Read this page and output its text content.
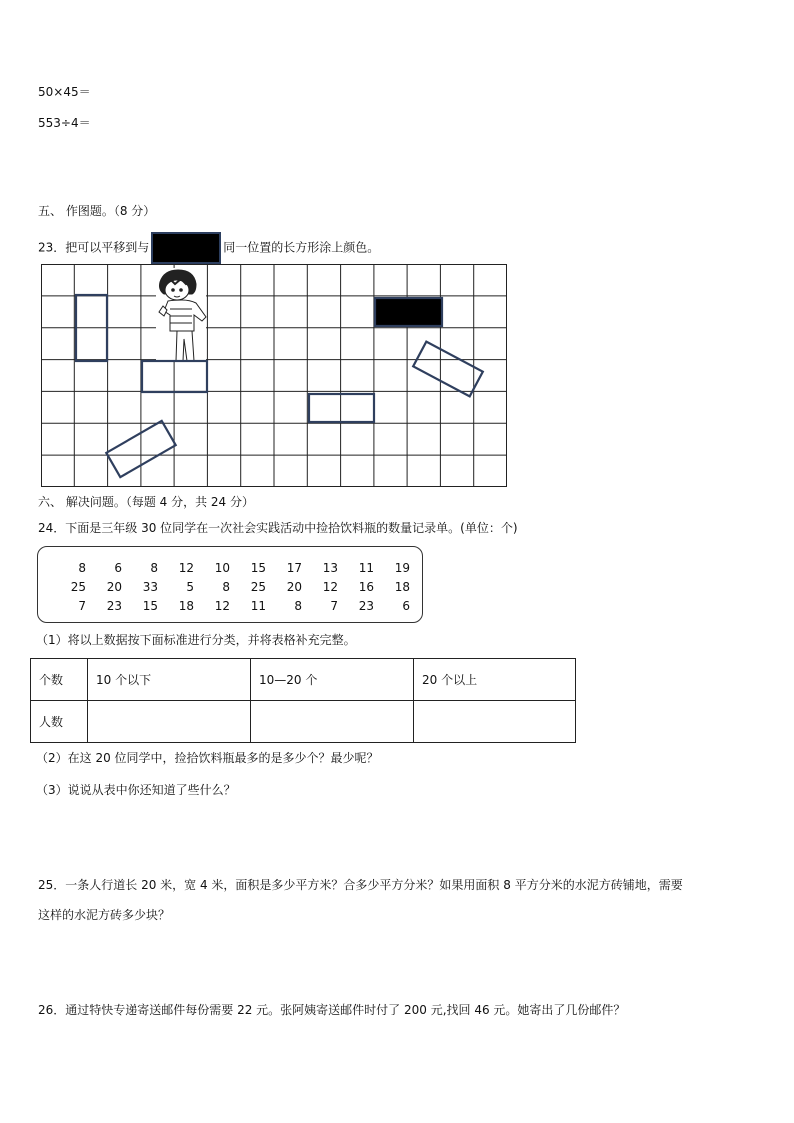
50×45＝
553÷4＝
五、 作图题。（8 分）
23．把可以平移到与	同一位置的长方形涂上颜色。
六、 解决问题。（每题 4 分，共 24 分）
24．下面是三年级 30 位同学在一次社会实践活动中捡拾饮料瓶的数量记录单。(单位：个)
8	6	8	12	10	15	17	13	11	19
25	20	33	5	8	25	20	12	16	18
7	23	15	18	12	11	8	7	23	6
（1）将以上数据按下面标准进行分类，并将表格补充完整。
个数	10 个以下	10—20 个	20 个以上
人数			
（2）在这 20 位同学中，捡拾饮料瓶最多的是多少个？最少呢？
（3）说说从表中你还知道了些什么？
25．一条人行道长 20 米，宽 4 米，面积是多少平方米？合多少平方分米？如果用面积 8 平方分米的水泥方砖铺地，需要
这样的水泥方砖多少块？
26．通过特快专递寄送邮件每份需要 22 元。张阿姨寄送邮件时付了 200 元,找回 46 元。她寄出了几份邮件？
